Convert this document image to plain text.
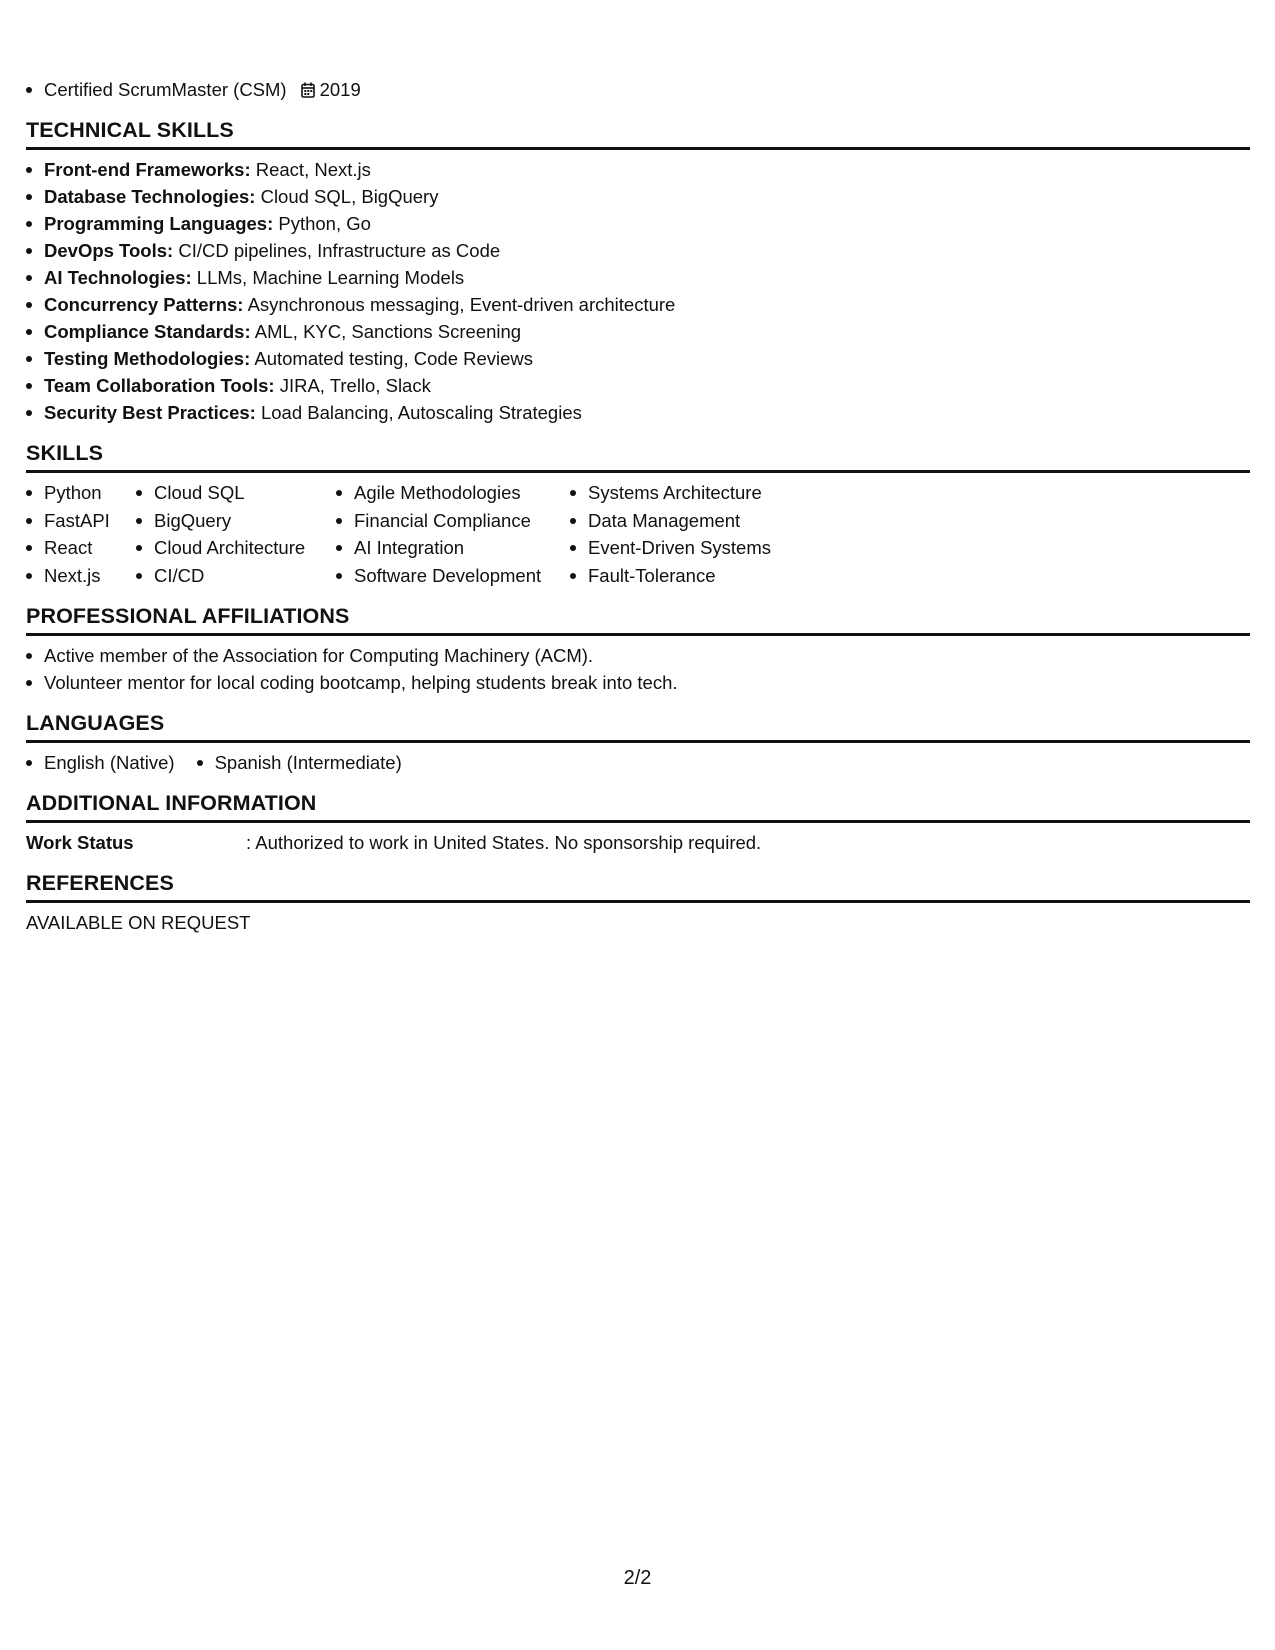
Certified ScrumMaster (CSM) 2019
TECHNICAL SKILLS
Front-end Frameworks: React, Next.js
Database Technologies: Cloud SQL, BigQuery
Programming Languages: Python, Go
DevOps Tools: CI/CD pipelines, Infrastructure as Code
AI Technologies: LLMs, Machine Learning Models
Concurrency Patterns: Asynchronous messaging, Event-driven architecture
Compliance Standards: AML, KYC, Sanctions Screening
Testing Methodologies: Automated testing, Code Reviews
Team Collaboration Tools: JIRA, Trello, Slack
Security Best Practices: Load Balancing, Autoscaling Strategies
SKILLS
Python
FastAPI
React
Next.js
Cloud SQL
BigQuery
Cloud Architecture
CI/CD
Agile Methodologies
Financial Compliance
AI Integration
Software Development
Systems Architecture
Data Management
Event-Driven Systems
Fault-Tolerance
PROFESSIONAL AFFILIATIONS
Active member of the Association for Computing Machinery (ACM).
Volunteer mentor for local coding bootcamp, helping students break into tech.
LANGUAGES
English (Native)	Spanish (Intermediate)
ADDITIONAL INFORMATION
Work Status	: Authorized to work in United States. No sponsorship required.
REFERENCES
AVAILABLE ON REQUEST
2/2
